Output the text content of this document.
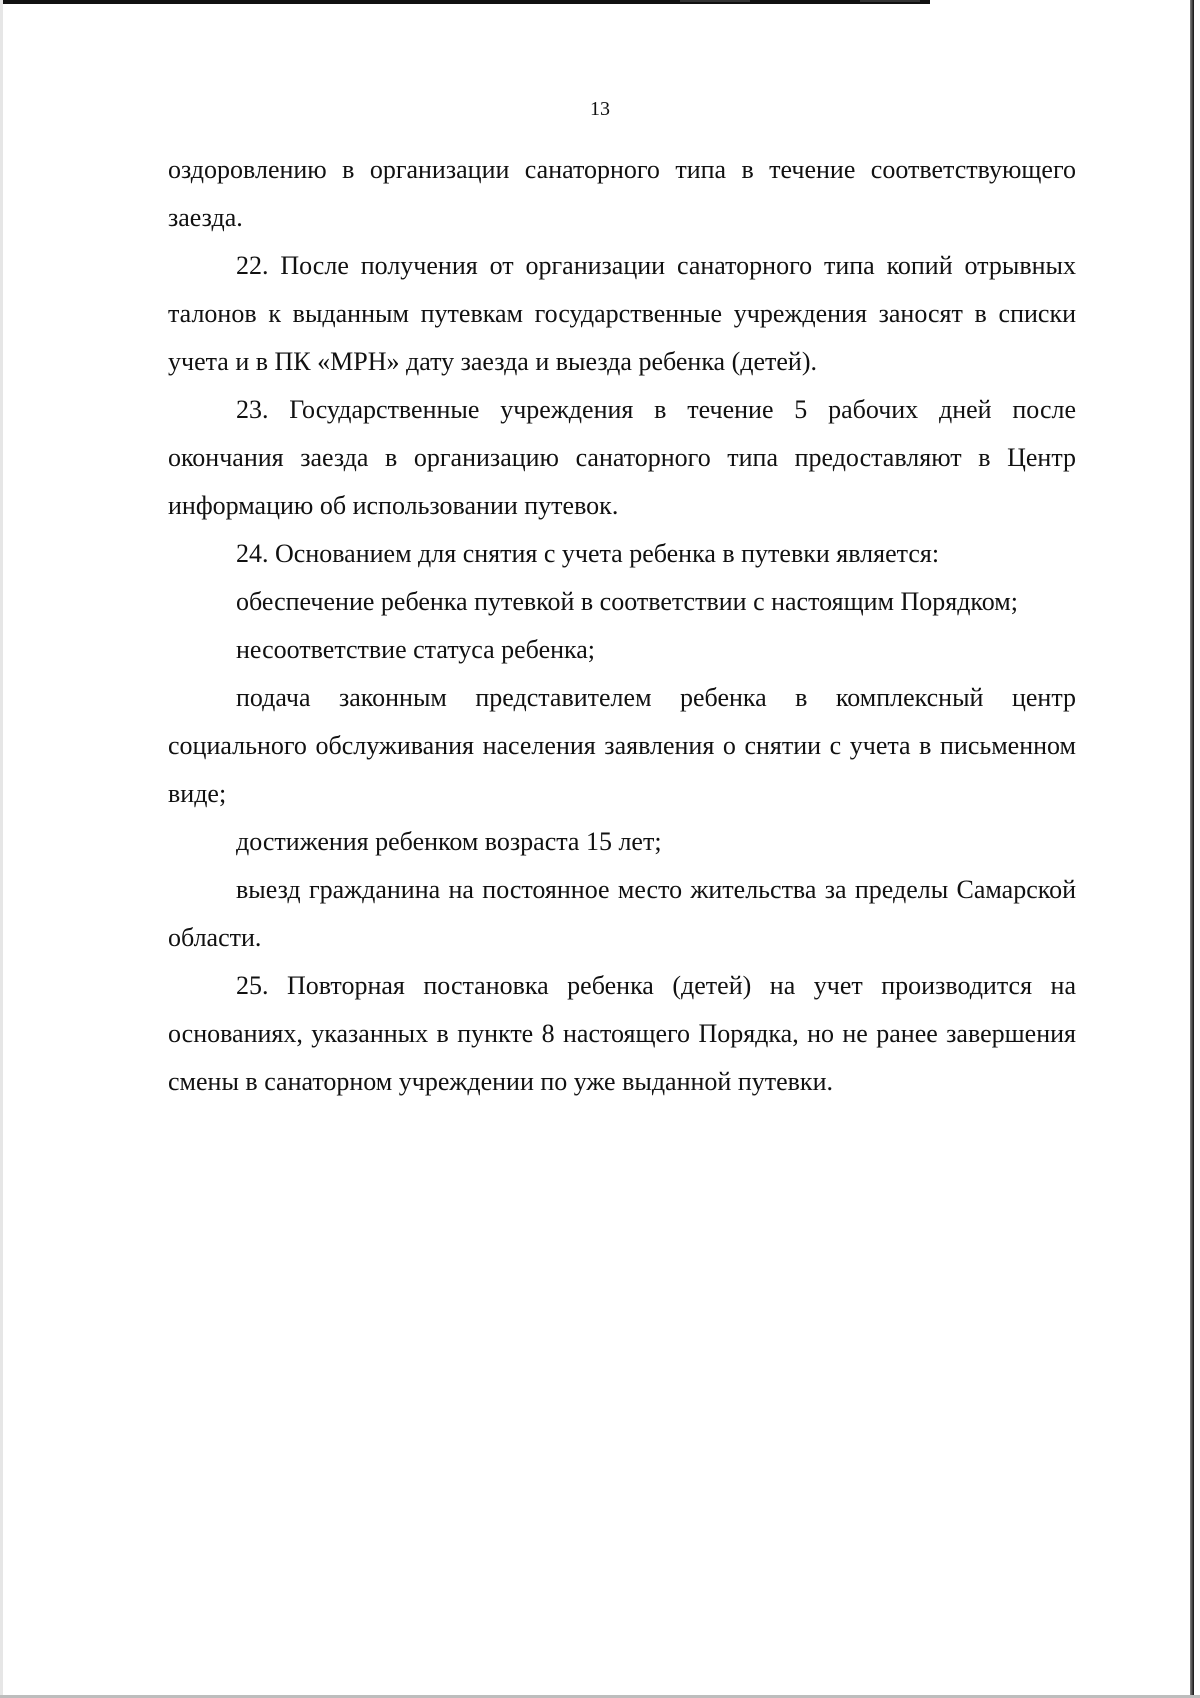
13

оздоровлению в организации санаторного типа в течение соответствующего заезда.

22. После получения от организации санаторного типа копий отрывных талонов к выданным путевкам государственные учреждения заносят в списки учета и в ПК «МРН» дату заезда и выезда ребенка (детей).

23. Государственные учреждения в течение 5 рабочих дней после окончания заезда в организацию санаторного типа предоставляют в Центр информацию об использовании путевок.

24. Основанием для снятия с учета ребенка в путевки является:

обеспечение ребенка путевкой в соответствии с настоящим Порядком;

несоответствие статуса ребенка;

подача законным представителем ребенка в комплексный центр социального обслуживания населения заявления о снятии с учета в письменном виде;

достижения ребенком возраста 15 лет;

выезд гражданина на постоянное место жительства за пределы Самарской области.

25. Повторная постановка ребенка (детей) на учет производится на основаниях, указанных в пункте 8 настоящего Порядка, но не ранее завершения смены в санаторном учреждении по уже выданной путевки.
